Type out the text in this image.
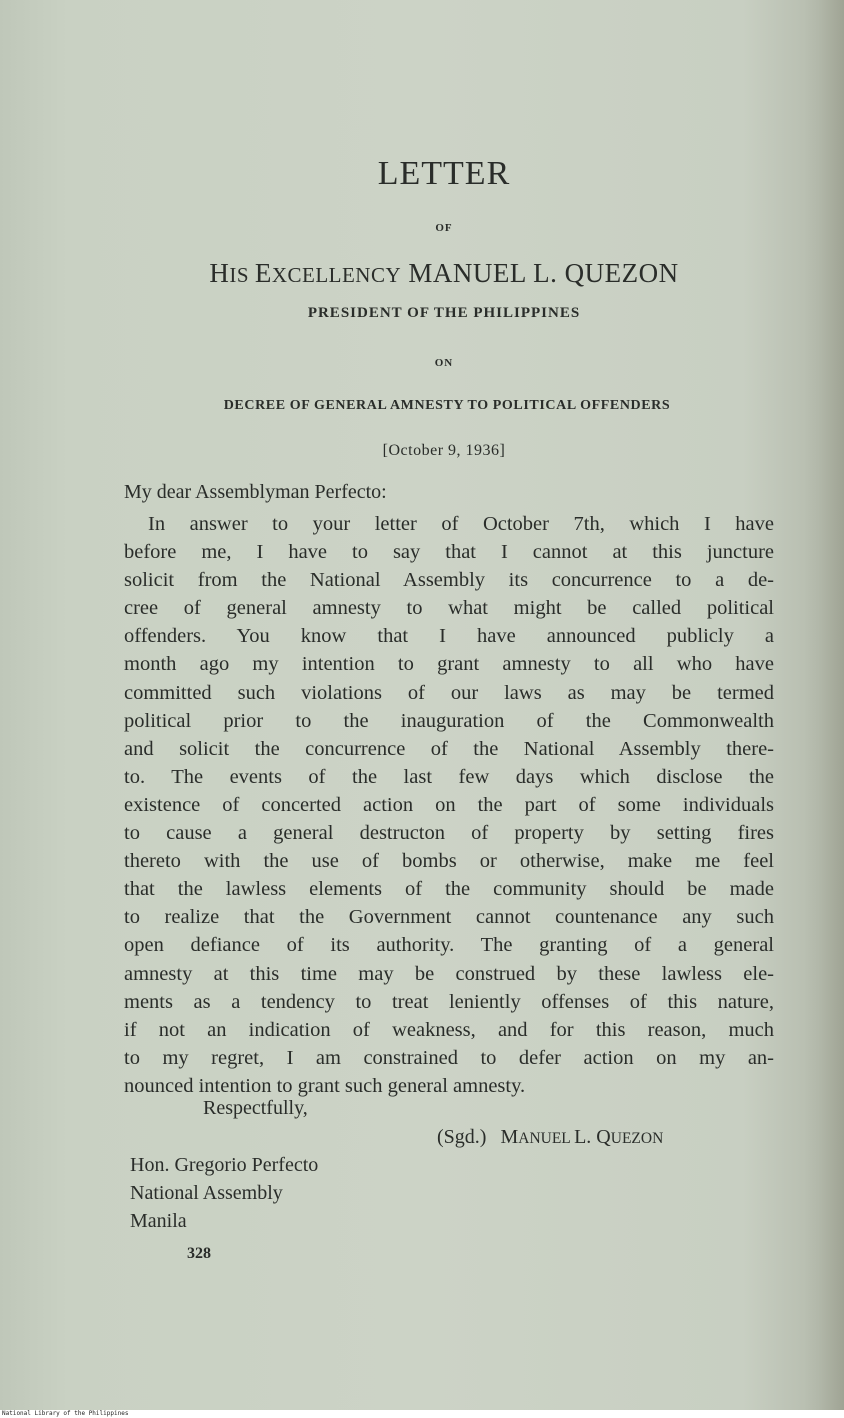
LETTER
OF
HIS EXCELLENCY MANUEL L. QUEZON
PRESIDENT OF THE PHILIPPINES
ON
DECREE OF GENERAL AMNESTY TO POLITICAL OFFENDERS
[October 9, 1936]
My dear Assemblyman Perfecto:
In answer to your letter of October 7th, which I have
before me, I have to say that I cannot at this juncture
solicit from the National Assembly its concurrence to a de-
cree of general amnesty to what might be called political
offenders. You know that I have announced publicly a
month ago my intention to grant amnesty to all who have
committed such violations of our laws as may be termed
political prior to the inauguration of the Commonwealth
and solicit the concurrence of the National Assembly there-
to. The events of the last few days which disclose the
existence of concerted action on the part of some individuals
to cause a general destructon of property by setting fires
thereto with the use of bombs or otherwise, make me feel
that the lawless elements of the community should be made
to realize that the Government cannot countenance any such
open defiance of its authority. The granting of a general
amnesty at this time may be construed by these lawless ele-
ments as a tendency to treat leniently offenses of this nature,
if not an indication of weakness, and for this reason, much
to my regret, I am constrained to defer action on my an-
nounced intention to grant such general amnesty.
Respectfully,
(Sgd.) MANUEL L. QUEZON
Hon. Gregorio Perfecto
National Assembly
Manila
328
National Library of the Philippines
